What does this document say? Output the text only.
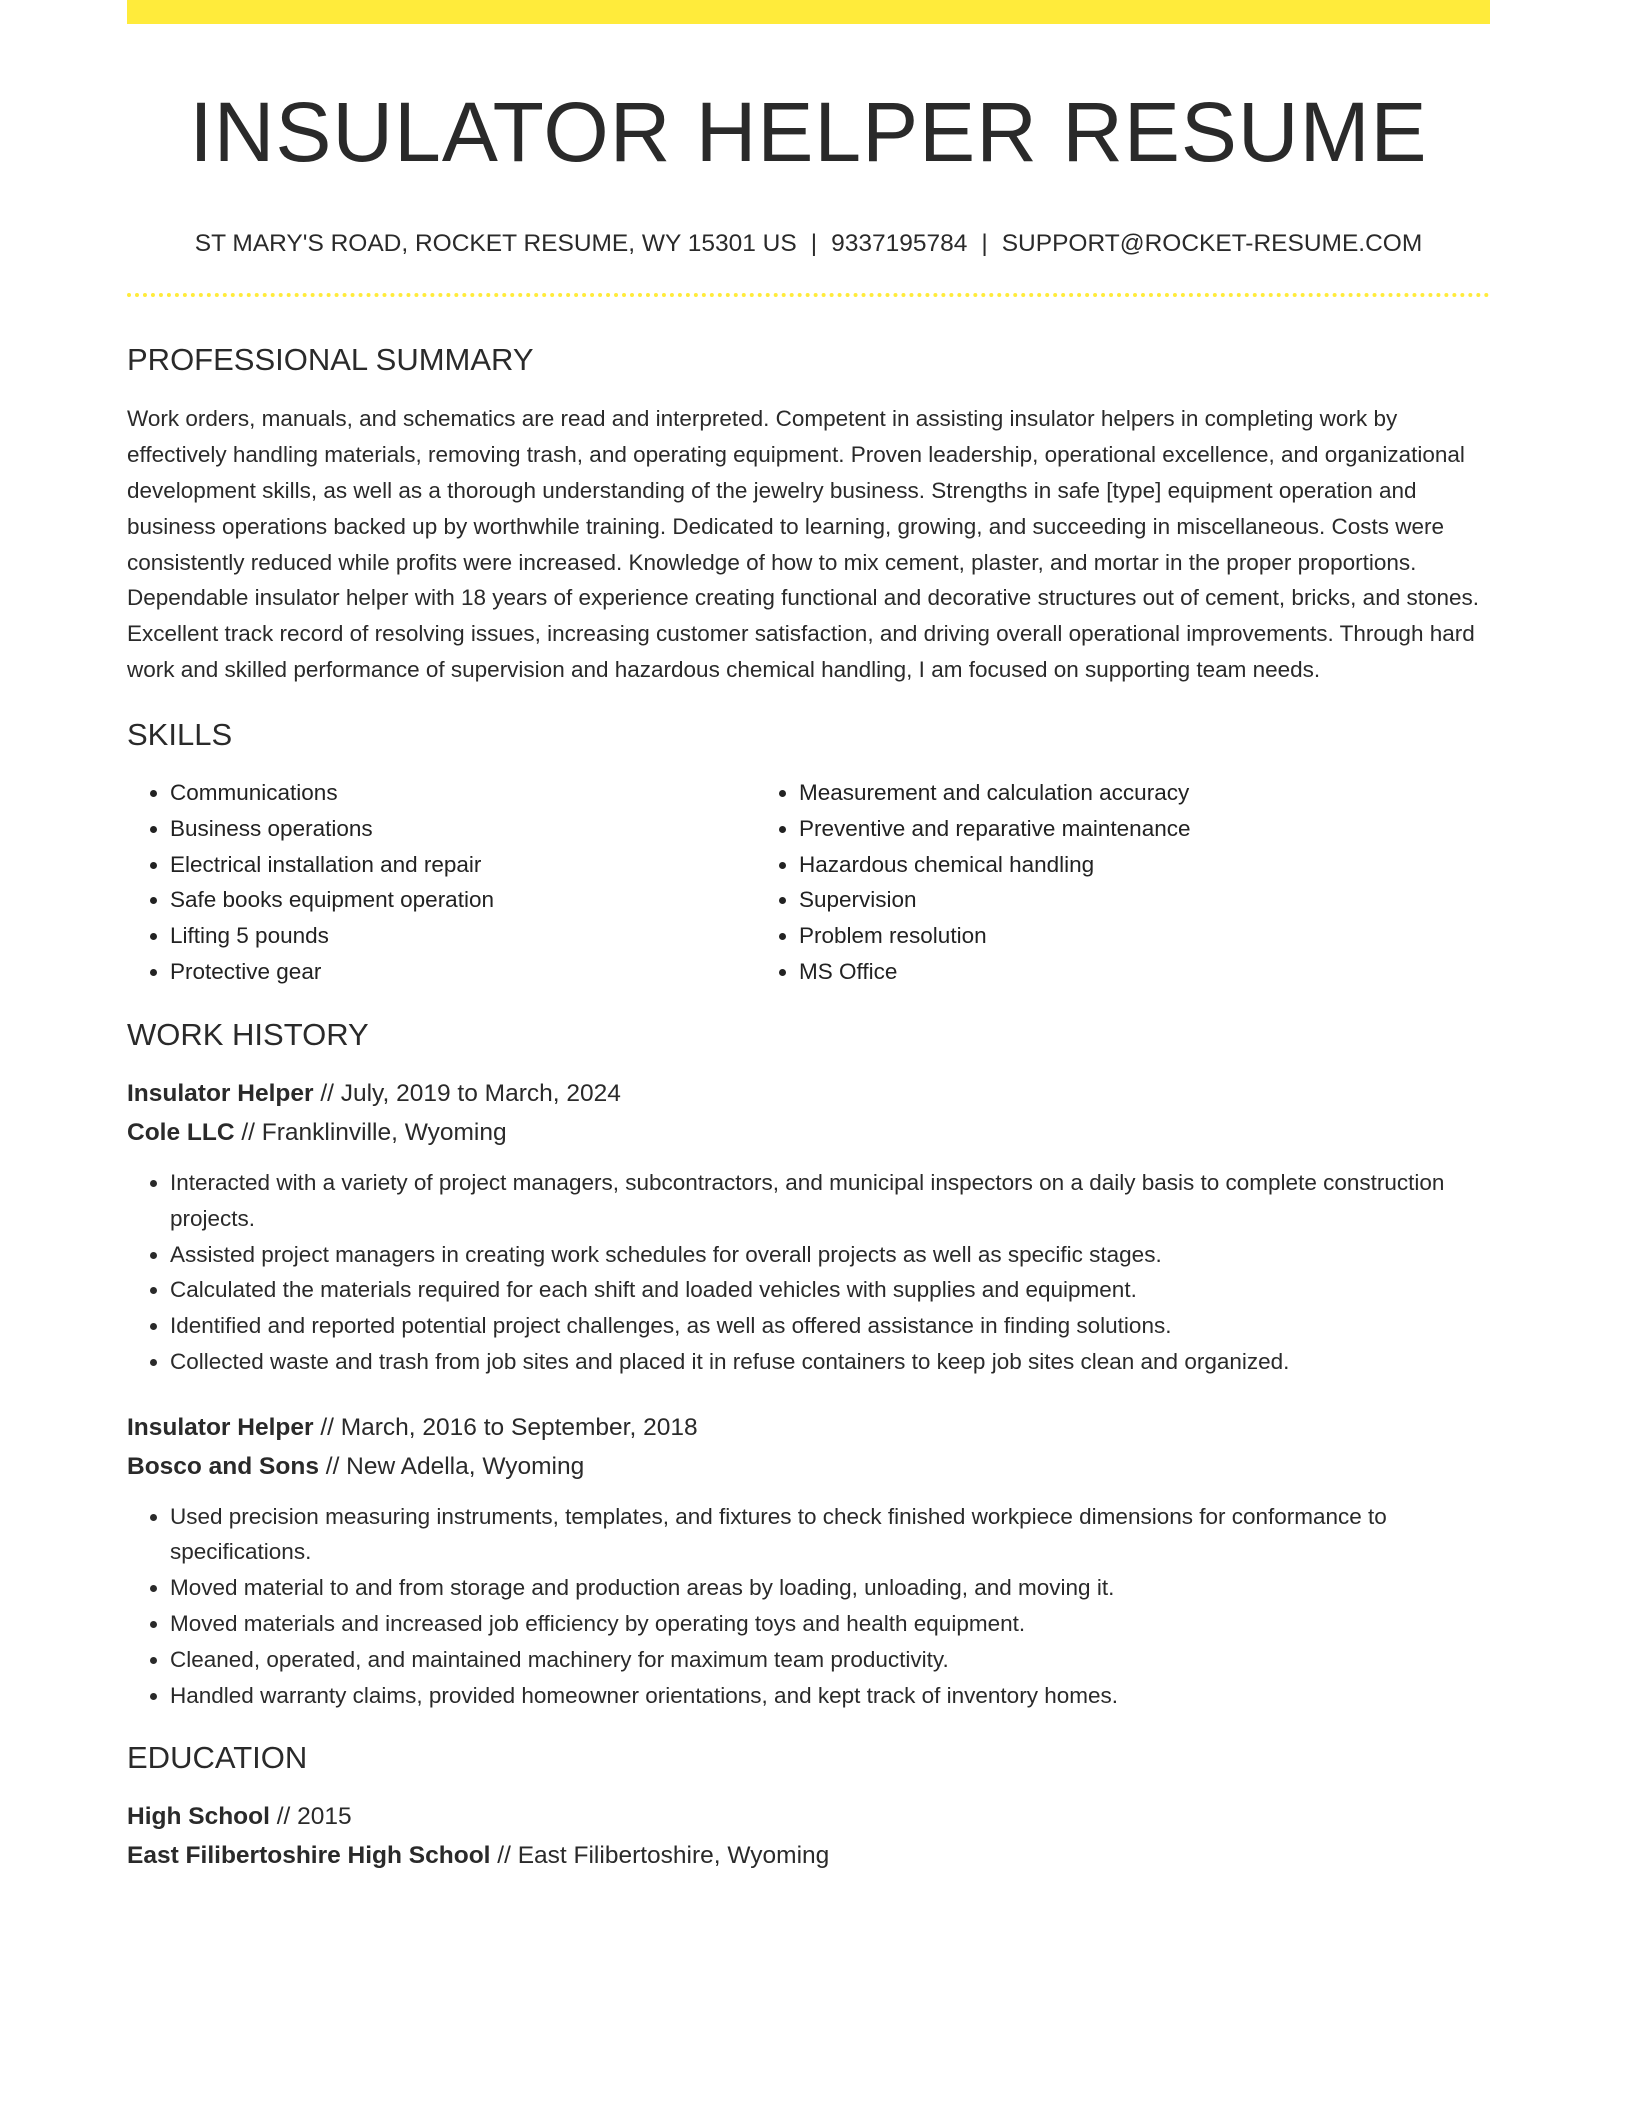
INSULATOR HELPER RESUME
ST MARY'S ROAD, ROCKET RESUME, WY 15301 US | 9337195784 | SUPPORT@ROCKET-RESUME.COM
PROFESSIONAL SUMMARY

Work orders, manuals, and schematics are read and interpreted. Competent in assisting insulator helpers in completing work by effectively handling materials, removing trash, and operating equipment. Proven leadership, operational excellence, and organizational development skills, as well as a thorough understanding of the jewelry business. Strengths in safe [type] equipment operation and business operations backed up by worthwhile training. Dedicated to learning, growing, and succeeding in miscellaneous. Costs were consistently reduced while profits were increased. Knowledge of how to mix cement, plaster, and mortar in the proper proportions. Dependable insulator helper with 18 years of experience creating functional and decorative structures out of cement, bricks, and stones. Excellent track record of resolving issues, increasing customer satisfaction, and driving overall operational improvements. Through hard work and skilled performance of supervision and hazardous chemical handling, I am focused on supporting team needs.

SKILLS
• Communications
• Business operations
• Electrical installation and repair
• Safe books equipment operation
• Lifting 5 pounds
• Protective gear
• Measurement and calculation accuracy
• Preventive and reparative maintenance
• Hazardous chemical handling
• Supervision
• Problem resolution
• MS Office
WORK HISTORY
Insulator Helper // July, 2019 to March, 2024
Cole LLC // Franklinville, Wyoming
• Interacted with a variety of project managers, subcontractors, and municipal inspectors on a daily basis to complete construction projects.
• Assisted project managers in creating work schedules for overall projects as well as specific stages.
• Calculated the materials required for each shift and loaded vehicles with supplies and equipment.
• Identified and reported potential project challenges, as well as offered assistance in finding solutions.
• Collected waste and trash from job sites and placed it in refuse containers to keep job sites clean and organized.
Insulator Helper // March, 2016 to September, 2018
Bosco and Sons // New Adella, Wyoming
• Used precision measuring instruments, templates, and fixtures to check finished workpiece dimensions for conformance to specifications.
• Moved material to and from storage and production areas by loading, unloading, and moving it.
• Moved materials and increased job efficiency by operating toys and health equipment.
• Cleaned, operated, and maintained machinery for maximum team productivity.
• Handled warranty claims, provided homeowner orientations, and kept track of inventory homes.
EDUCATION
High School // 2015
East Filibertoshire High School // East Filibertoshire, Wyoming
